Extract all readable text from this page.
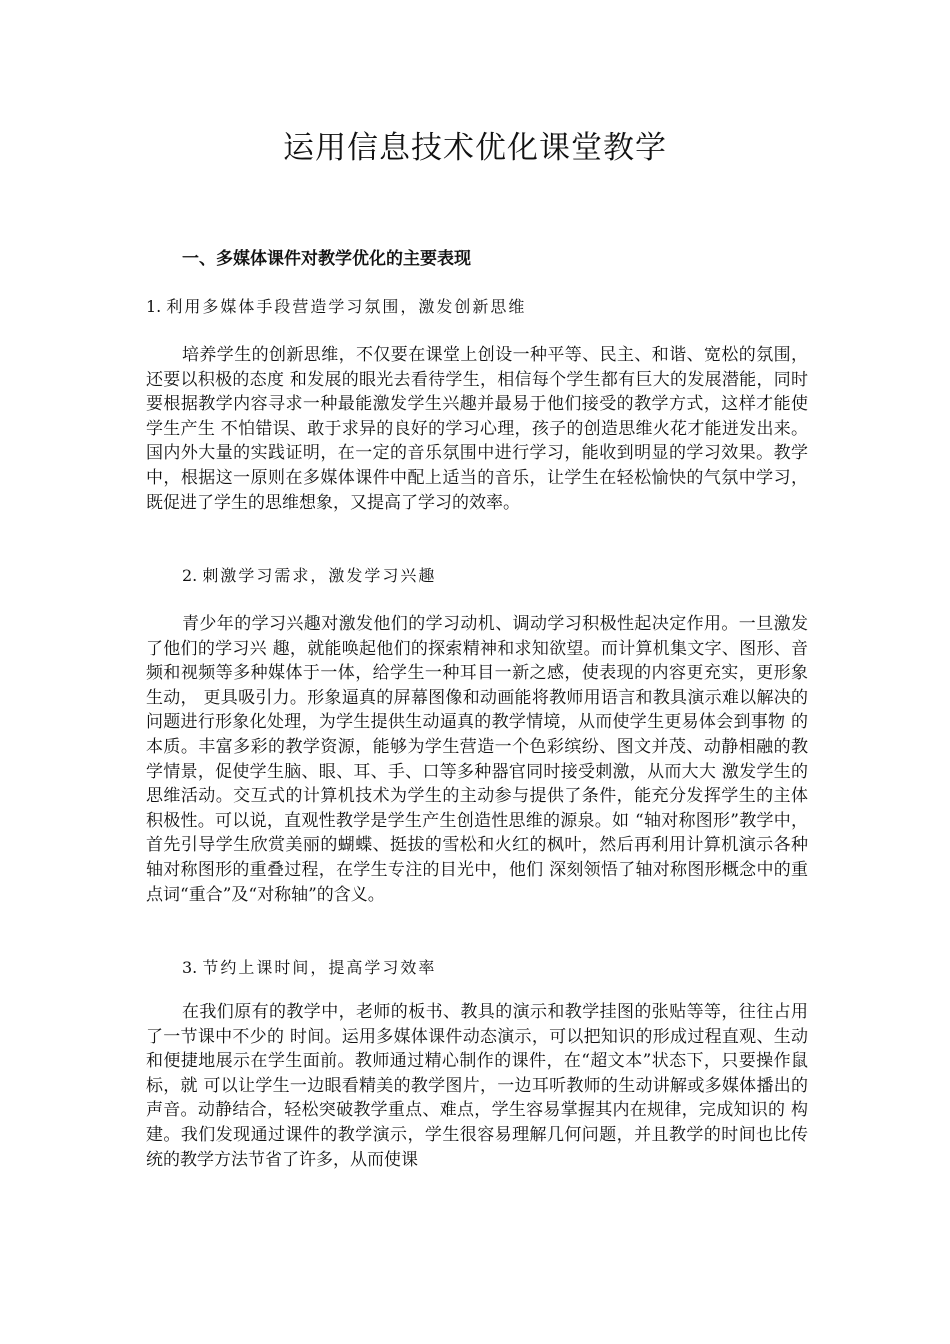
运用信息技术优化课堂教学
一、多媒体课件对教学优化的主要表现
1. 利用多媒体手段营造学习氛围，激发创新思维

培养学生的创新思维，不仅要在课堂上创设一种平等、民主、和谐、宽松的氛围，还要以积极的态度 和发展的眼光去看待学生，相信每个学生都有巨大的发展潜能，同时要根据教学内容寻求一种最能激发学生兴趣并最易于他们接受的教学方式，这样才能使学生产生 不怕错误、敢于求异的良好的学习心理，孩子的创造思维火花才能迸发出来。国内外大量的实践证明，在一定的音乐氛围中进行学习，能收到明显的学习效果。教学 中，根据这一原则在多媒体课件中配上适当的音乐，让学生在轻松愉快的气氛中学习，既促进了学生的思维想象，又提高了学习的效率。

2. 刺激学习需求，激发学习兴趣

青少年的学习兴趣对激发他们的学习动机、调动学习积极性起决定作用。一旦激发了他们的学习兴 趣，就能唤起他们的探索精神和求知欲望。而计算机集文字、图形、音频和视频等多种媒体于一体，给学生一种耳目一新之感，使表现的内容更充实，更形象生动， 更具吸引力。形象逼真的屏幕图像和动画能将教师用语言和教具演示难以解决的问题进行形象化处理，为学生提供生动逼真的教学情境，从而使学生更易体会到事物 的本质。丰富多彩的教学资源，能够为学生营造一个色彩缤纷、图文并茂、动静相融的教学情景，促使学生脑、眼、耳、手、口等多种器官同时接受刺激，从而大大 激发学生的思维活动。交互式的计算机技术为学生的主动参与提供了条件，能充分发挥学生的主体积极性。可以说，直观性教学是学生产生创造性思维的源泉。如 “轴对称图形”教学中，首先引导学生欣赏美丽的蝴蝶、挺拔的雪松和火红的枫叶，然后再利用计算机演示各种轴对称图形的重叠过程，在学生专注的目光中，他们 深刻领悟了轴对称图形概念中的重点词“重合”及“对称轴”的含义。

3. 节约上课时间，提高学习效率

在我们原有的教学中，老师的板书、教具的演示和教学挂图的张贴等等，往往占用了一节课中不少的 时间。运用多媒体课件动态演示，可以把知识的形成过程直观、生动和便捷地展示在学生面前。教师通过精心制作的课件，在“超文本”状态下，只要操作鼠标，就 可以让学生一边眼看精美的教学图片，一边耳听教师的生动讲解或多媒体播出的声音。动静结合，轻松突破教学重点、难点，学生容易掌握其内在规律，完成知识的 构建。我们发现通过课件的教学演示，学生很容易理解几何问题，并且教学的时间也比传统的教学方法节省了许多，从而使课
